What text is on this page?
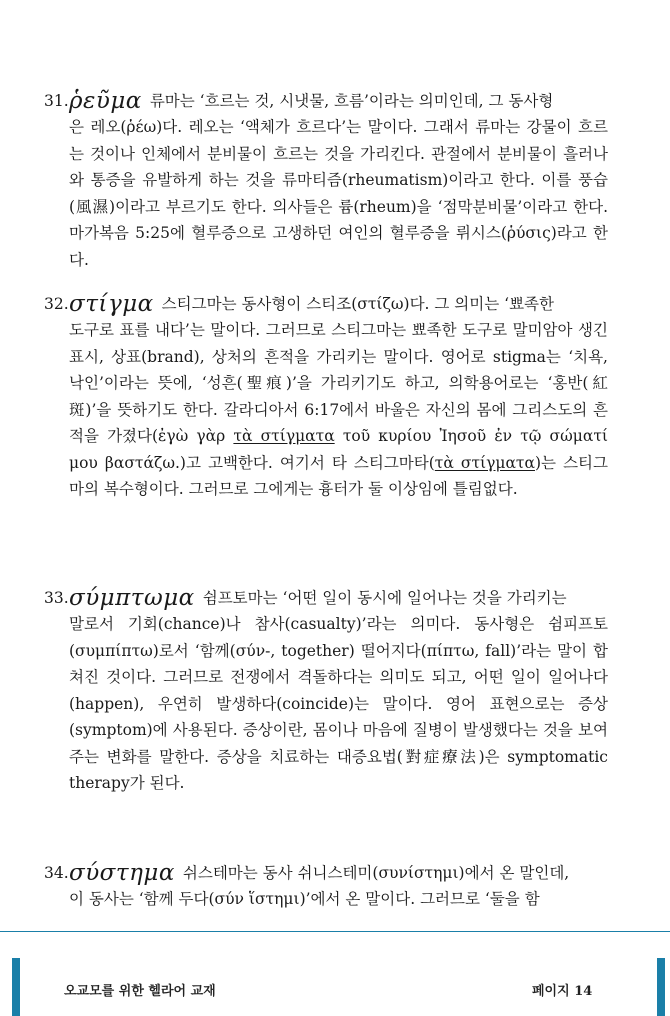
31.ῥεῦμα 류마는 ‘흐르는 것, 시냇물, 흐름’이라는 의미인데, 그 동사형

은 레오(ῥέω)다. 레오는 ‘액체가 흐르다’는 말이다. 그래서 류마는 강물이 흐르는 것이나 인체에서 분비물이 흐르는 것을 가리킨다. 관절에서 분비물이 흘러나와 통증을 유발하게 하는 것을 류마티즘(rheumatism)이라고 한다. 이를 풍습(風濕)이라고 부르기도 한다. 의사들은 륨(rheum)을 ‘점막분비물’이라고 한다. 마가복음 5:25에 혈루증으로 고생하던 여인의 혈루증을 뤼시스(ῥύσις)라고 한다.

32.στίγμα 스티그마는 동사형이 스티조(στίζω)다. 그 의미는 ‘뾰족한

도구로 표를 내다’는 말이다. 그러므로 스티그마는 뾰족한 도구로 말미암아 생긴 표시, 상표(brand), 상처의 흔적을 가리키는 말이다. 영어로 stigma는 ‘치욕, 낙인’이라는 뜻에, ‘성흔(聖痕)’을 가리키기도 하고, 의학용어로는 ‘홍반(紅斑)’을 뜻하기도 한다. 갈라디아서 6:17에서 바울은 자신의 몸에 그리스도의 흔적을 가졌다(ἐγὼ γὰρ τὰ στίγματα τοῦ κυρίου Ἰησοῦ ἐν τῷ σώματί μου βαστάζω.)고 고백한다. 여기서 타 스티그마타(τὰ στίγματα)는 스티그마의 복수형이다. 그러므로 그에게는 흉터가 둘 이상임에 틀림없다.

33.σύμπτωμα 쉼프토마는 ‘어떤 일이 동시에 일어나는 것을 가리키는

말로서 기회(chance)나 참사(casualty)’라는 의미다. 동사형은 쉼피프토(συμπίπτω)로서 ‘함께(σύν-, together) 떨어지다(πίπτω, fall)’라는 말이 합쳐진 것이다. 그러므로 전쟁에서 격돌하다는 의미도 되고, 어떤 일이 일어나다(happen), 우연히 발생하다(coincide)는 말이다. 영어 표현으로는 증상(symptom)에 사용된다. 증상이란, 몸이나 마음에 질병이 발생했다는 것을 보여주는 변화를 말한다. 증상을 치료하는 대증요법(對症療法)은 symptomatic therapy가 된다.

34.σύστημα 쉬스테마는 동사 쉬니스테미(συνίστημι)에서 온 말인데,

이 동사는 ‘함께 두다(σύν ἵστημι)’에서 온 말이다. 그러므로 ‘둘을 함

오교모를 위한 헬라어 교재	페이지 14
